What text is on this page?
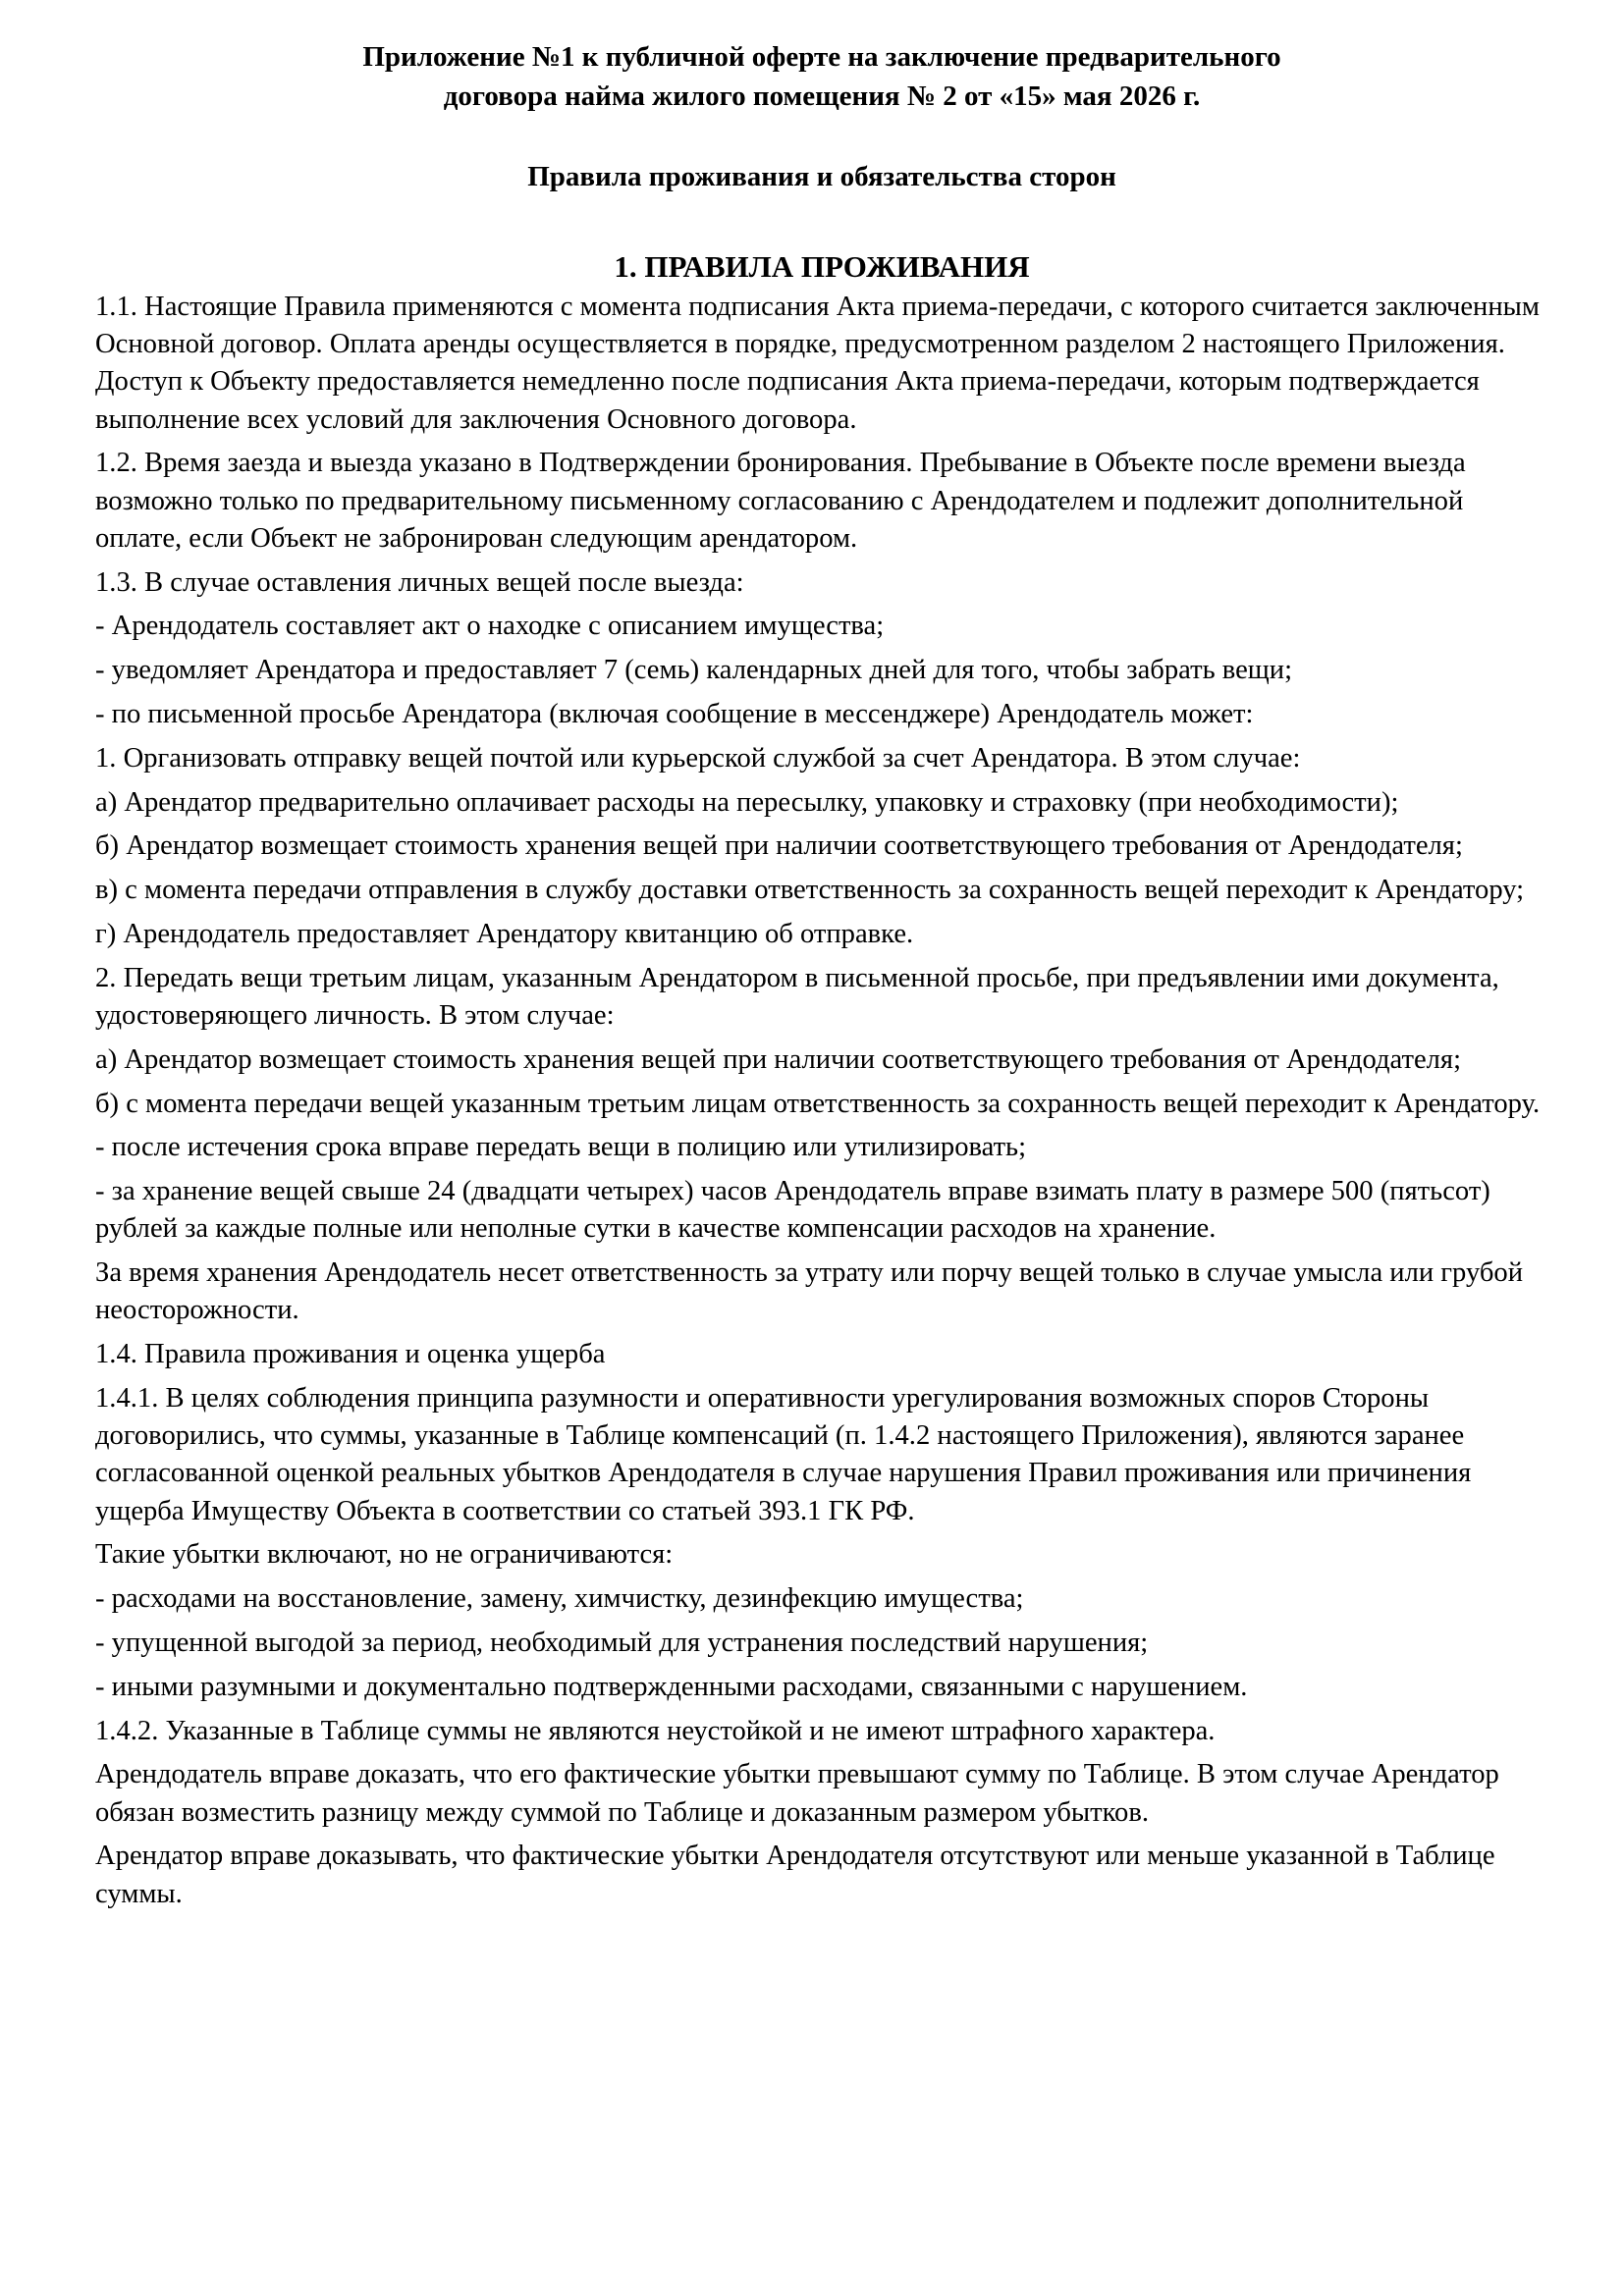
Приложение №1 к публичной оферте на заключение предварительного
договора найма жилого помещения № 2 от «15» мая 2026 г.
Правила проживания и обязательства сторон
1. ПРАВИЛА ПРОЖИВАНИЯ

1.1. Настоящие Правила применяются с момента подписания Акта приема-передачи, с которого считается заключенным Основной договор. Оплата аренды осуществляется в порядке, предусмотренном разделом 2 настоящего Приложения. Доступ к Объекту предоставляется немедленно после подписания Акта приема-передачи, которым подтверждается выполнение всех условий для заключения Основного договора.

1.2. Время заезда и выезда указано в Подтверждении бронирования. Пребывание в Объекте после времени выезда возможно только по предварительному письменному согласованию с Арендодателем и подлежит дополнительной оплате, если Объект не забронирован следующим арендатором.

1.3. В случае оставления личных вещей после выезда:

- Арендодатель составляет акт о находке с описанием имущества;

- уведомляет Арендатора и предоставляет 7 (семь) календарных дней для того, чтобы забрать вещи;

- по письменной просьбе Арендатора (включая сообщение в мессенджере) Арендодатель может:

1. Организовать отправку вещей почтой или курьерской службой за счет Арендатора. В этом случае:

а) Арендатор предварительно оплачивает расходы на пересылку, упаковку и страховку (при необходимости);

б) Арендатор возмещает стоимость хранения вещей при наличии соответствующего требования от Арендодателя;

в) с момента передачи отправления в службу доставки ответственность за сохранность вещей переходит к Арендатору;

г) Арендодатель предоставляет Арендатору квитанцию об отправке.

2. Передать вещи третьим лицам, указанным Арендатором в письменной просьбе, при предъявлении ими документа, удостоверяющего личность. В этом случае:

а) Арендатор возмещает стоимость хранения вещей при наличии соответствующего требования от Арендодателя;

б) с момента передачи вещей указанным третьим лицам ответственность за сохранность вещей переходит к Арендатору.

- после истечения срока вправе передать вещи в полицию или утилизировать;

- за хранение вещей свыше 24 (двадцати четырех) часов Арендодатель вправе взимать плату в размере 500 (пятьсот) рублей за каждые полные или неполные сутки в качестве компенсации расходов на хранение.

За время хранения Арендодатель несет ответственность за утрату или порчу вещей только в случае умысла или грубой неосторожности.

1.4. Правила проживания и оценка ущерба

1.4.1. В целях соблюдения принципа разумности и оперативности урегулирования возможных споров Стороны договорились, что суммы, указанные в Таблице компенсаций (п. 1.4.2 настоящего Приложения), являются заранее согласованной оценкой реальных убытков Арендодателя в случае нарушения Правил проживания или причинения ущерба Имуществу Объекта в соответствии со статьей 393.1 ГК РФ.

Такие убытки включают, но не ограничиваются:

- расходами на восстановление, замену, химчистку, дезинфекцию имущества;

- упущенной выгодой за период, необходимый для устранения последствий нарушения;

- иными разумными и документально подтвержденными расходами, связанными с нарушением.

1.4.2. Указанные в Таблице суммы не являются неустойкой и не имеют штрафного характера.

Арендодатель вправе доказать, что его фактические убытки превышают сумму по Таблице. В этом случае Арендатор обязан возместить разницу между суммой по Таблице и доказанным размером убытков.

Арендатор вправе доказывать, что фактические убытки Арендодателя отсутствуют или меньше указанной в Таблице суммы.
